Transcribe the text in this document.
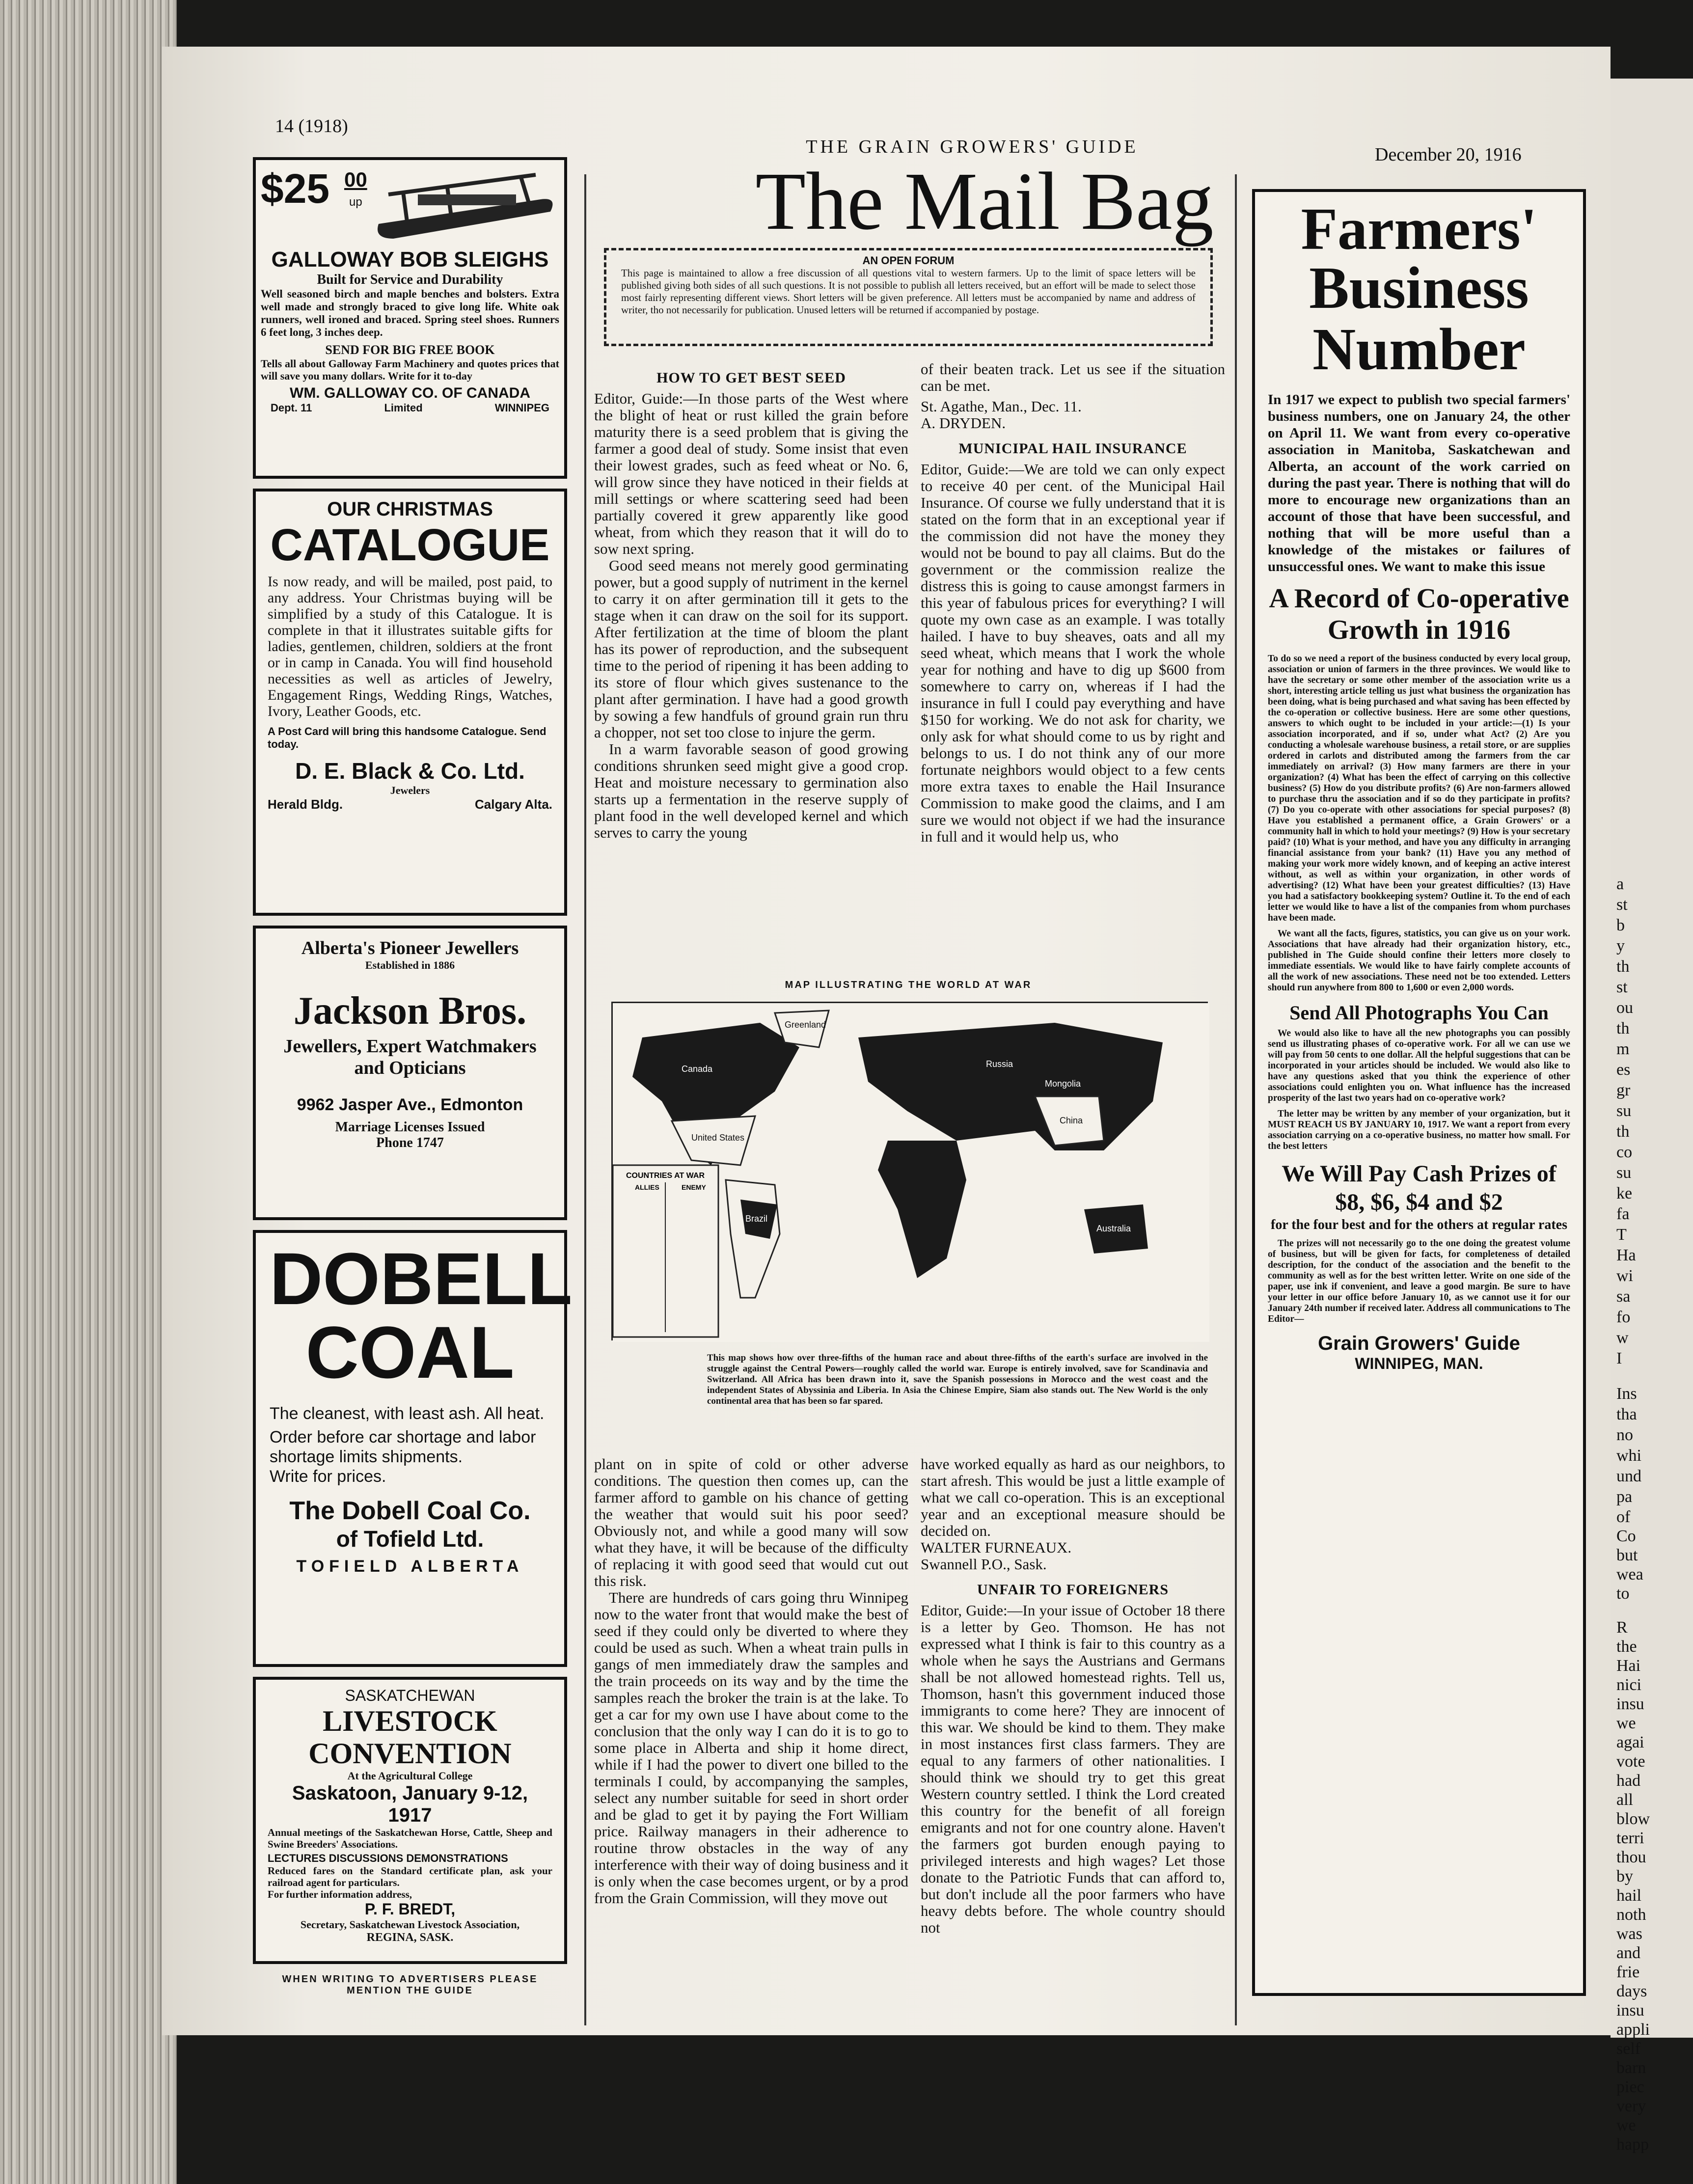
a

st

b

y

th

st

ou

th

m

es

gr

su

th

co

su

ke

fa

T

Ha

wi

sa

fo

w

I

Ins

tha

no

whi

und

pa

of

Co

but

wea

to

R

the

Hai

nici

insu

we

agai

vote

had

all

blow

terri

thou

by

hail

noth

was

and

frie

days

insu

appli

self

barn

piec

very

we

happ

14 (1918)
THE GRAIN GROWERS' GUIDE	December 20, 1916
The Mail Bag
AN OPEN FORUM
This page is maintained to allow a free discussion of all questions vital to western farmers. Up to the limit of space letters will be published giving both sides of all such questions. It is not possible to publish all letters received, but an effort will be made to select those most fairly representing different views. Short letters will be given preference. All letters must be accompanied by name and address of writer, tho not necessarily for publication. Unused letters will be returned if accompanied by postage.
$25 00
up
GALLOWAY BOB SLEIGHS
Built for Service and Durability
Well seasoned birch and maple benches and bolsters. Extra well made and strongly braced to give long life. White oak runners, well ironed and braced. Spring steel shoes. Runners 6 feet long, 3 inches deep.
SEND FOR BIG FREE BOOK
Tells all about Galloway Farm Machinery and quotes prices that will save you many dollars. Write for it to-day
WM. GALLOWAY CO. OF CANADA
Dept. 11	Limited	WINNIPEG
OUR CHRISTMAS
CATALOGUE
Is now ready, and will be mailed, post paid, to any address. Your Christmas buying will be simplified by a study of this Catalogue. It is complete in that it illustrates suitable gifts for ladies, gentlemen, children, soldiers at the front or in camp in Canada. You will find household necessities as well as articles of Jewelry, Engagement Rings, Wedding Rings, Watches, Ivory, Leather Goods, etc.
A Post Card will bring this handsome Catalogue. Send today.
D. E. Black & Co. Ltd.
Jewelers
Herald Bldg.	Calgary Alta.
Alberta's Pioneer Jewellers
Established in 1886
Jackson Bros.
Jewellers, Expert Watchmakers and Opticians
9962 Jasper Ave., Edmonton
Marriage Licenses Issued
Phone 1747
DOBELL
COAL
The cleanest, with least ash. All heat.
Order before car shortage and labor shortage limits shipments.
Write for prices.
The Dobell Coal Co.
of Tofield Ltd.
TOFIELD ALBERTA
SASKATCHEWAN
LIVESTOCK CONVENTION
At the Agricultural College
Saskatoon, January 9-12, 1917
Annual meetings of the Saskatchewan Horse, Cattle, Sheep and Swine Breeders' Associations.
LECTURES DISCUSSIONS DEMONSTRATIONS
Reduced fares on the Standard certificate plan, ask your railroad agent for particulars.
For further information address,
P. F. BREDT,
Secretary, Saskatchewan Livestock Association,
REGINA, SASK.
WHEN WRITING TO ADVERTISERS PLEASE MENTION THE GUIDE
HOW TO GET BEST SEED

Editor, Guide:—In those parts of the West where the blight of heat or rust killed the grain before maturity there is a seed problem that is giving the farmer a good deal of study. Some insist that even their lowest grades, such as feed wheat or No. 6, will grow since they have noticed in their fields at mill settings or where scattering seed had been partially covered it grew apparently like good wheat, from which they reason that it will do to sow next spring.

Good seed means not merely good germinating power, but a good supply of nutriment in the kernel to carry it on after germination till it gets to the stage when it can draw on the soil for its support. After fertilization at the time of bloom the plant has its power of reproduction, and the subsequent time to the period of ripening it has been adding to its store of flour which gives sustenance to the plant after germination. I have had a good growth by sowing a few handfuls of ground grain run thru a chopper, not set too close to injure the germ.

In a warm favorable season of good growing conditions shrunken seed might give a good crop. Heat and moisture necessary to germination also starts up a fermentation in the reserve supply of plant food in the well developed kernel and which serves to carry the young

of their beaten track. Let us see if the situation can be met.

St. Agathe, Man., Dec. 11.

A. DRYDEN.

MUNICIPAL HAIL INSURANCE

Editor, Guide:—We are told we can only expect to receive 40 per cent. of the Municipal Hail Insurance. Of course we fully understand that it is stated on the form that in an exceptional year if the commission did not have the money they would not be bound to pay all claims. But do the government or the commission realize the distress this is going to cause amongst farmers in this year of fabulous prices for everything? I will quote my own case as an example. I was totally hailed. I have to buy sheaves, oats and all my seed wheat, which means that I work the whole year for nothing and have to dig up $600 from somewhere to carry on, whereas if I had the insurance in full I could pay everything and have $150 for working. We do not ask for charity, we only ask for what should come to us by right and belongs to us. I do not think any of our more fortunate neighbors would object to a few cents more extra taxes to enable the Hail Insurance Commission to make good the claims, and I am sure we would not object if we had the insurance in full and it would help us, who

MAP ILLUSTRATING THE WORLD AT WAR
COUNTRIES AT WAR
ALLIES	ENEMY
Canada
United States
Brazil
Russia
China
Mongolia
Greenland
Australia
This map shows how over three-fifths of the human race and about three-fifths of the earth's surface are involved in the struggle against the Central Powers—roughly called the world war. Europe is entirely involved, save for Scandinavia and Switzerland. All Africa has been drawn into it, save the Spanish possessions in Morocco and the west coast and the independent States of Abyssinia and Liberia. In Asia the Chinese Empire, Siam also stands out. The New World is the only continental area that has been so far spared.

plant on in spite of cold or other adverse conditions. The question then comes up, can the farmer afford to gamble on his chance of getting the weather that would suit his poor seed? Obviously not, and while a good many will sow what they have, it will be because of the difficulty of replacing it with good seed that would cut out this risk.

There are hundreds of cars going thru Winnipeg now to the water front that would make the best of seed if they could only be diverted to where they could be used as such. When a wheat train pulls in gangs of men immediately draw the samples and the train proceeds on its way and by the time the samples reach the broker the train is at the lake. To get a car for my own use I have about come to the conclusion that the only way I can do it is to go to some place in Alberta and ship it home direct, while if I had the power to divert one billed to the terminals I could, by accompanying the samples, select any number suitable for seed in short order and be glad to get it by paying the Fort William price. Railway managers in their adherence to routine throw obstacles in the way of any interference with their way of doing business and it is only when the case becomes urgent, or by a prod from the Grain Commission, will they move out

have worked equally as hard as our neighbors, to start afresh. This would be just a little example of what we call co-operation. This is an exceptional year and an exceptional measure should be decided on.

WALTER FURNEAUX.

Swannell P.O., Sask.

UNFAIR TO FOREIGNERS

Editor, Guide:—In your issue of October 18 there is a letter by Geo. Thomson. He has not expressed what I think is fair to this country as a whole when he says the Austrians and Germans shall be not allowed homestead rights. Tell us, Thomson, hasn't this government induced those immigrants to come here? They are innocent of this war. We should be kind to them. They make in most instances first class farmers. They are equal to any farmers of other nationalities. I should think we should try to get this great Western country settled. I think the Lord created this country for the benefit of all foreign emigrants and not for one country alone. Haven't the farmers got burden enough paying to privileged interests and high wages? Let those donate to the Patriotic Funds that can afford to, but don't include all the poor farmers who have heavy debts before. The whole country should not

Farmers'
Business
Number
In 1917 we expect to publish two special farmers' business numbers, one on January 24, the other on April 11. We want from every co-operative association in Manitoba, Saskatchewan and Alberta, an account of the work carried on during the past year. There is nothing that will do more to encourage new organizations than an account of those that have been successful, and nothing that will be more useful than a knowledge of the mistakes or failures of unsuccessful ones. We want to make this issue
A Record of Co-operative Growth in 1916
To do so we need a report of the business conducted by every local group, association or union of farmers in the three provinces. We would like to have the secretary or some other member of the association write us a short, interesting article telling us just what business the organization has been doing, what is being purchased and what saving has been effected by the co-operation or collective business. Here are some other questions, answers to which ought to be included in your article:—(1) Is your association incorporated, and if so, under what Act? (2) Are you conducting a wholesale warehouse business, a retail store, or are supplies ordered in carlots and distributed among the farmers from the car immediately on arrival? (3) How many farmers are there in your organization? (4) What has been the effect of carrying on this collective business? (5) How do you distribute profits? (6) Are non-farmers allowed to purchase thru the association and if so do they participate in profits? (7) Do you co-operate with other associations for special purposes? (8) Have you established a permanent office, a Grain Growers' or a community hall in which to hold your meetings? (9) How is your secretary paid? (10) What is your method, and have you any difficulty in arranging financial assistance from your bank? (11) Have you any method of making your work more widely known, and of keeping an active interest without, as well as within your organization, in other words of advertising? (12) What have been your greatest difficulties? (13) Have you had a satisfactory bookkeeping system? Outline it. To the end of each letter we would like to have a list of the companies from whom purchases have been made.
We want all the facts, figures, statistics, you can give us on your work. Associations that have already had their organization history, etc., published in The Guide should confine their letters more closely to immediate essentials. We would like to have fairly complete accounts of all the work of new associations. These need not be too extended. Letters should run anywhere from 800 to 1,600 or even 2,000 words.
Send All Photographs You Can
We would also like to have all the new photographs you can possibly send us illustrating phases of co-operative work. For all we can use we will pay from 50 cents to one dollar. All the helpful suggestions that can be incorporated in your articles should be included. We would also like to have any questions asked that you think the experience of other associations could enlighten you on. What influence has the increased prosperity of the last two years had on co-operative work?
The letter may be written by any member of your organization, but it MUST REACH US BY JANUARY 10, 1917. We want a report from every association carrying on a co-operative business, no matter how small. For the best letters
We Will Pay Cash Prizes of $8, $6, $4 and $2
for the four best and for the others at regular rates
The prizes will not necessarily go to the one doing the greatest volume of business, but will be given for facts, for completeness of detailed description, for the conduct of the association and the benefit to the community as well as for the best written letter. Write on one side of the paper, use ink if convenient, and leave a good margin. Be sure to have your letter in our office before January 10, as we cannot use it for our January 24th number if received later. Address all communications to The Editor—
Grain Growers' Guide
WINNIPEG, MAN.
